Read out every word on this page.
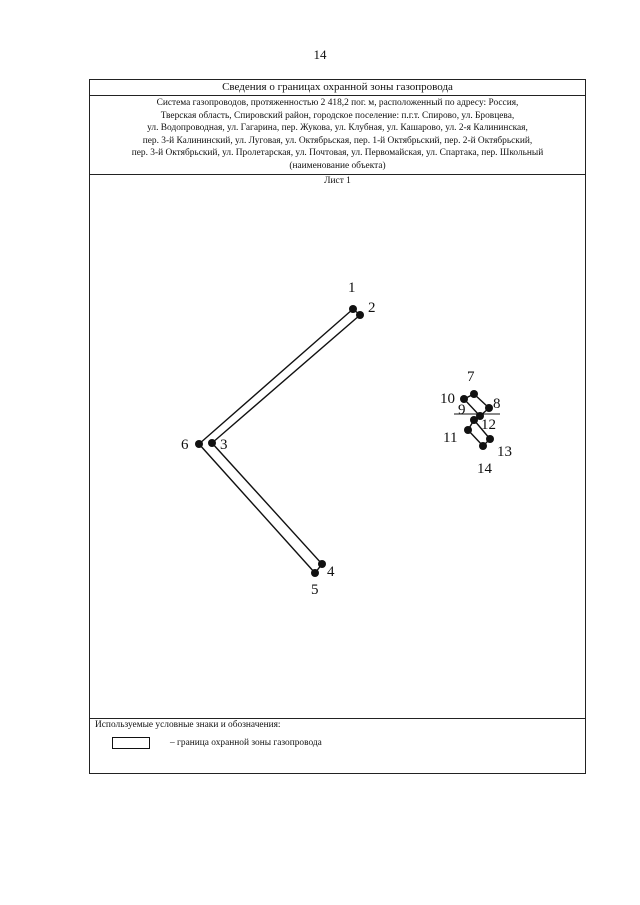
14
Сведения о границах охранной зоны газопровода
Система газопроводов, протяженностью 2 418,2 пог. м, расположенный по адресу: Россия,
Тверская область, Спировский район, городское поселение: п.г.т. Спирово, ул. Бровцева,
ул. Водопроводная, ул. Гагарина, пер. Жукова, ул. Клубная, ул. Кашарово, ул. 2-я Калининская,
пер. 3-й Калининский, ул. Луговая, ул. Октябрьская, пер. 1-й Октябрьский, пер. 2-й Октябрьский,
пер. 3-й Октябрьский, ул. Пролетарская, ул. Почтовая, ул. Первомайская, ул. Спартака, пер. Школьный
(наименование объекта)
Лист 1
1
2
3
4
5
6
7
8
9
10
11
12
13
14
Используемые условные знаки и обозначения:
– граница охранной зоны газопровода
